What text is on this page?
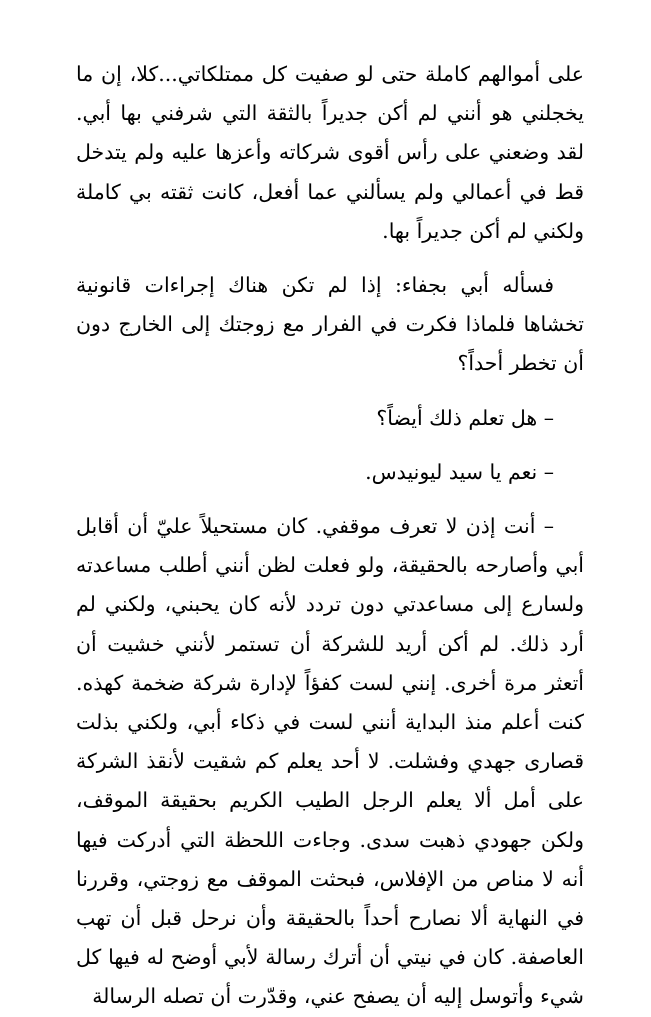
على أموالهم كاملة حتى لو صفيت كل ممتلكاتي...كلا، إن ما يخجلني هو أنني لم أكن جديراً بالثقة التي شرفني بها أبي. لقد وضعني على رأس أقوى شركاته وأعزها عليه ولم يتدخل قط في أعمالي ولم يسألني عما أفعل، كانت ثقته بي كاملة ولكني لم أكن جديراً بها.

فسأله أبي بجفاء: إذا لم تكن هناك إجراءات قانونية تخشاها فلماذا فكرت في الفرار مع زوجتك إلى الخارج دون أن تخطر أحداً؟

– هل تعلم ذلك أيضاً؟

– نعم يا سيد ليونيدس.

– أنت إذن لا تعرف موقفي. كان مستحيلاً عليّ أن أقابل أبي وأصارحه بالحقيقة، ولو فعلت لظن أنني أطلب مساعدته ولسارع إلى مساعدتي دون تردد لأنه كان يحبني، ولكني لم أرد ذلك. لم أكن أريد للشركة أن تستمر لأنني خشيت أن أتعثر مرة أخرى. إنني لست كفؤاً لإدارة شركة ضخمة كهذه. كنت أعلم منذ البداية أنني لست في ذكاء أبي، ولكني بذلت قصارى جهدي وفشلت. لا أحد يعلم كم شقيت لأنقذ الشركة على أمل ألا يعلم الرجل الطيب الكريم بحقيقة الموقف، ولكن جهودي ذهبت سدى. وجاءت اللحظة التي أدركت فيها أنه لا مناص من الإفلاس، فبحثت الموقف مع زوجتي، وقررنا في النهاية ألا نصارح أحداً بالحقيقة وأن نرحل قبل أن تهب العاصفة. كان في نيتي أن أترك رسالة لأبي أوضح له فيها كل شيء وأتوسل إليه أن يصفح عني، وقدّرت أن تصله الرسالة
